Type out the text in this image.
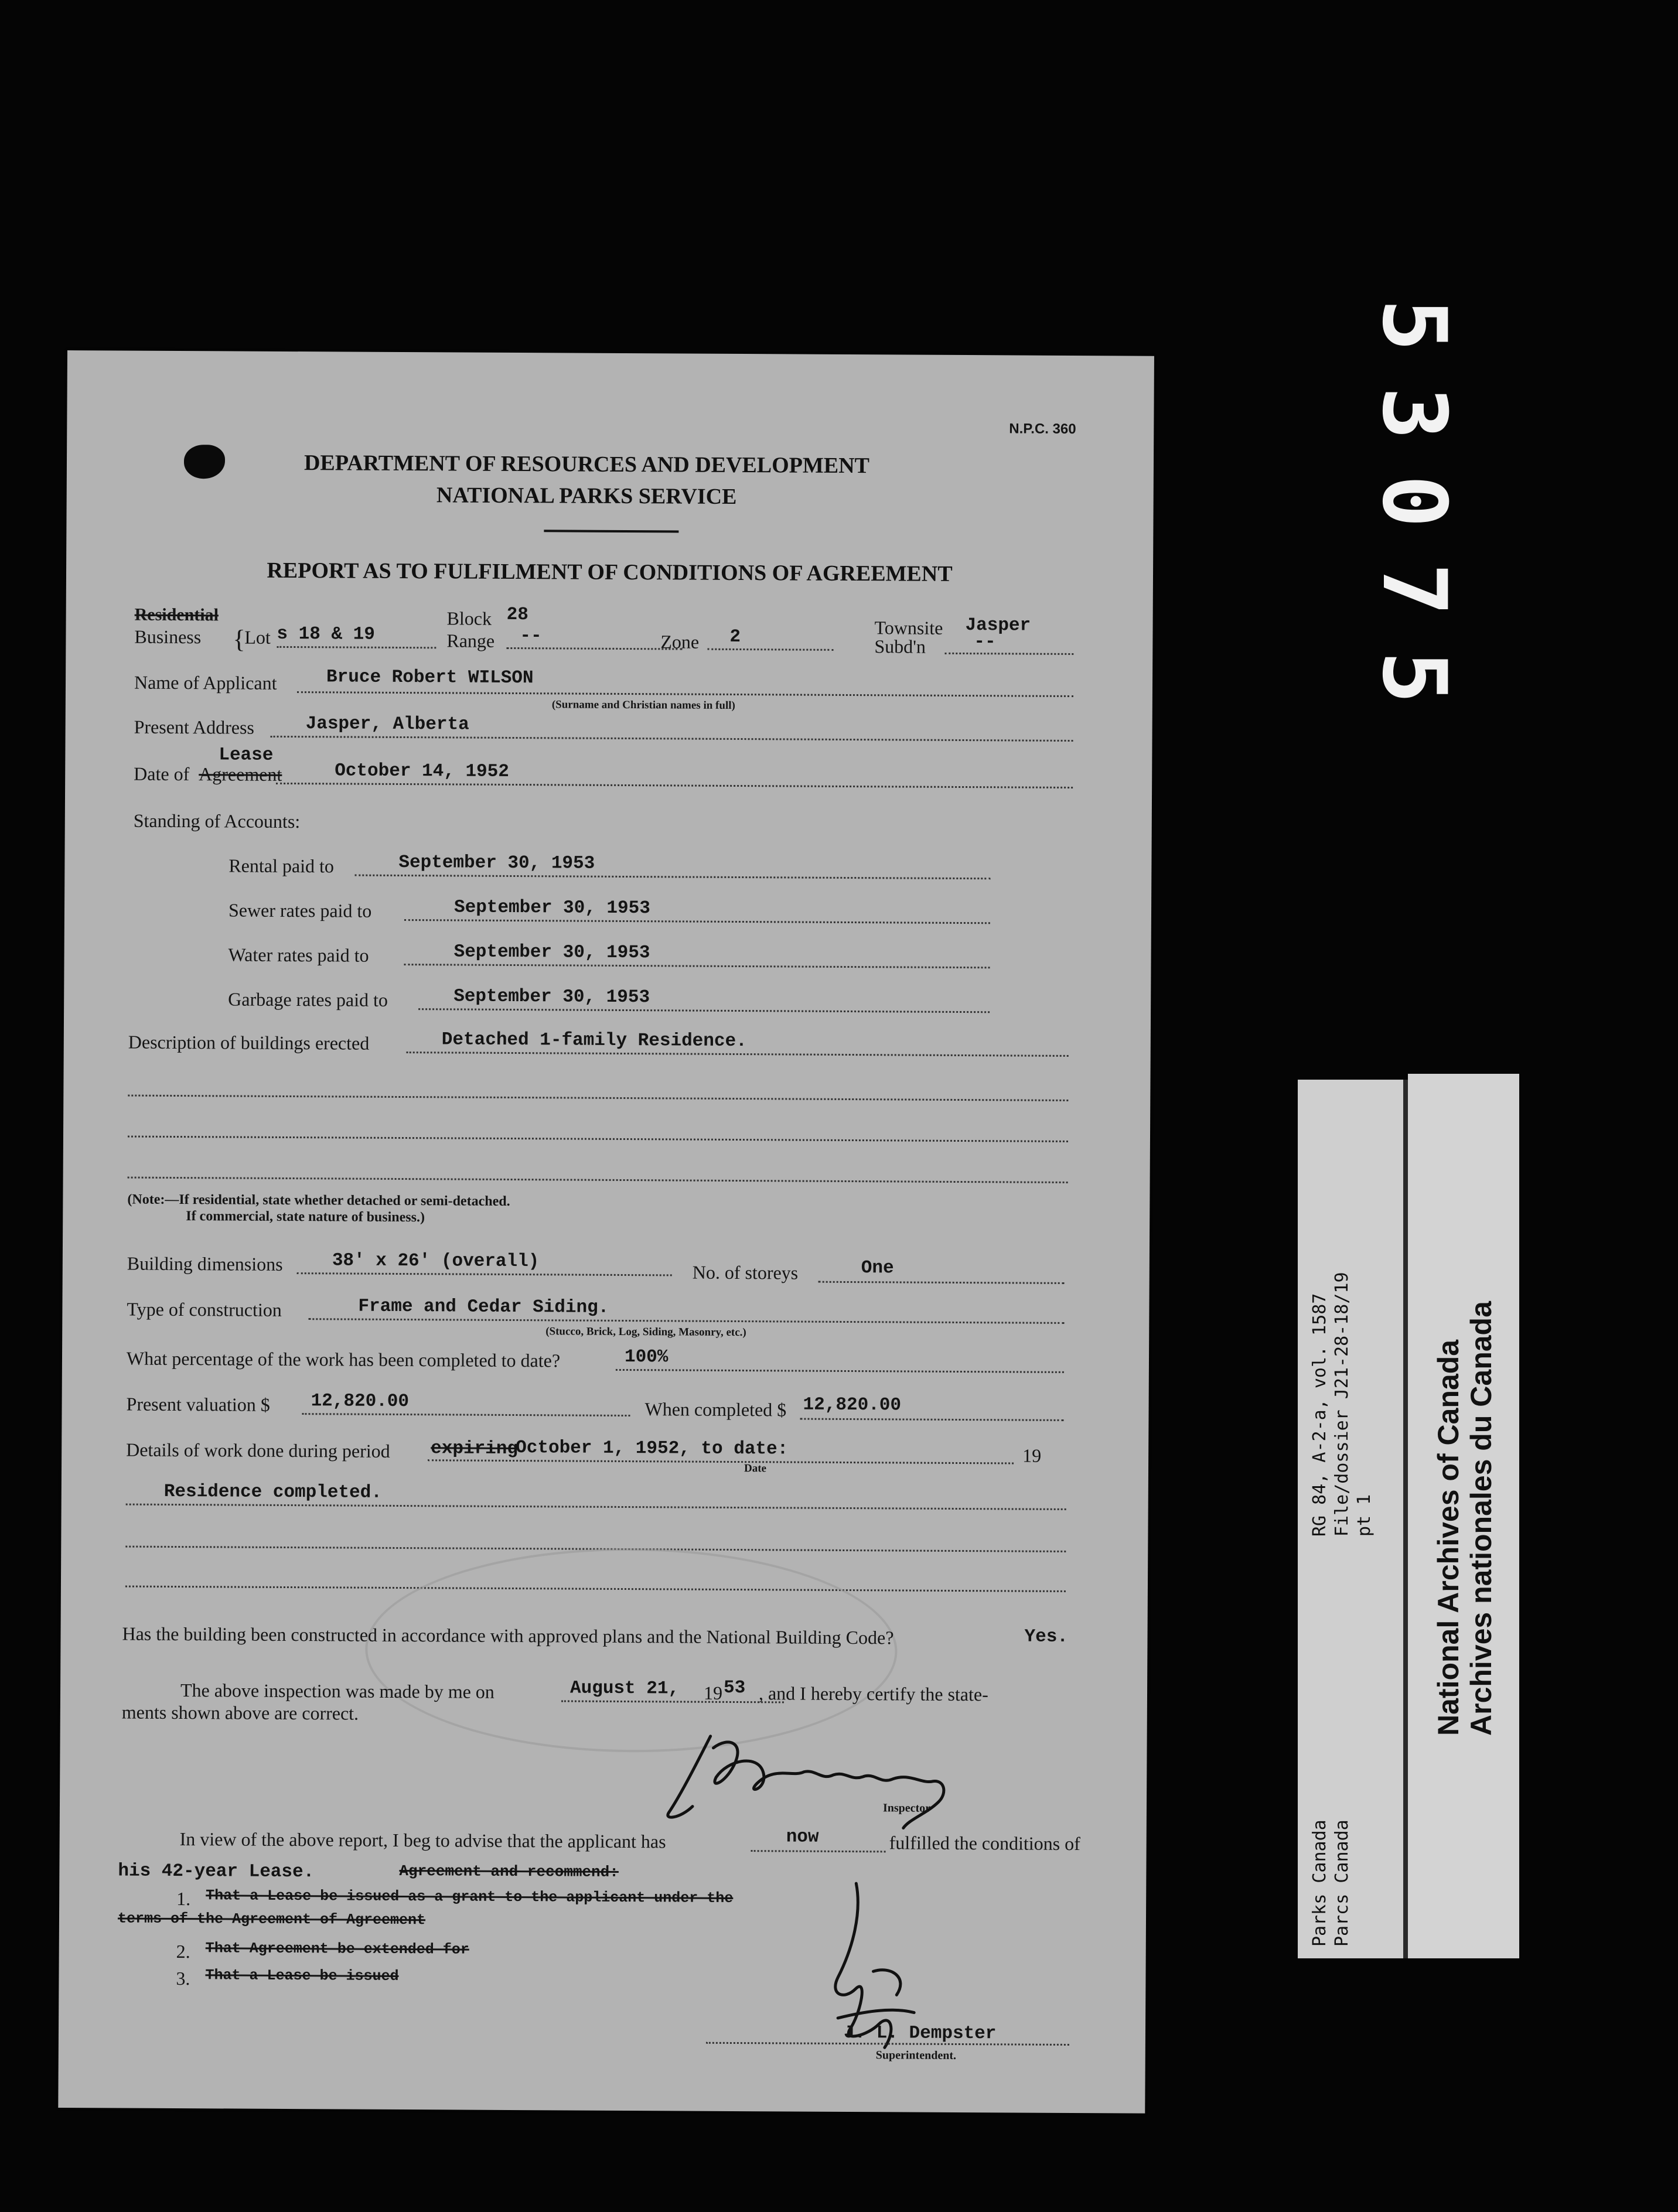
N.P.C. 360
DEPARTMENT OF RESOURCES AND DEVELOPMENT
NATIONAL PARKS SERVICE
REPORT AS TO FULFILMENT OF CONDITIONS OF AGREEMENT
Residential
Business {
Lot s 18 & 19
Block 28
Range --	Zone 2	Townsite Jasper
Subd'n	--
Name of Applicant	Bruce Robert WILSON
(Surname and Christian names in full)
Present Address	Jasper, Alberta
Date of Agreement
Lease
October 14, 1952
Standing of Accounts:
Rental paid to	September 30, 1953
Sewer rates paid to	September 30, 1953
Water rates paid to	September 30, 1953
Garbage rates paid to	September 30, 1953
Description of buildings erected	Detached 1-family Residence.
(Note:—If residential, state whether detached or semi-detached.
If commercial, state nature of business.)
Building dimensions	38' x 26' (overall)
No. of storeys	One
Type of construction	Frame and Cedar Siding.
(Stucco, Brick, Log, Siding, Masonry, etc.)
What percentage of the work has been completed to date?	100%
Present valuation $ 12,820.00	When completed $ 12,820.00
Details of work done during period expiring
October 1, 1952, to date:	19
Date
Residence completed.
Has the building been constructed in accordance with approved plans and the National Building Code?	Yes.
The above inspection was made by me on	August 21, 19 53 , and I hereby certify the state-
ments shown above are correct.
Inspector
In view of the above report, I beg to advise that the applicant has	now	fulfilled the conditions of
his 42-year Lease.	Agreement and recommend:
1. That a Lease be issued as a grant to the applicant under the
terms of the Agreement of Agreement
2. That Agreement be extended for
3. That a Lease be issued
J. L. Dempster
Superintendent.
53075
RG 84, A-2-a, vol. 1587 File/dossier J21-28-18/19 pt 1
Parks Canada Parcs Canada
National Archives of Canada Archives nationales du Canada
